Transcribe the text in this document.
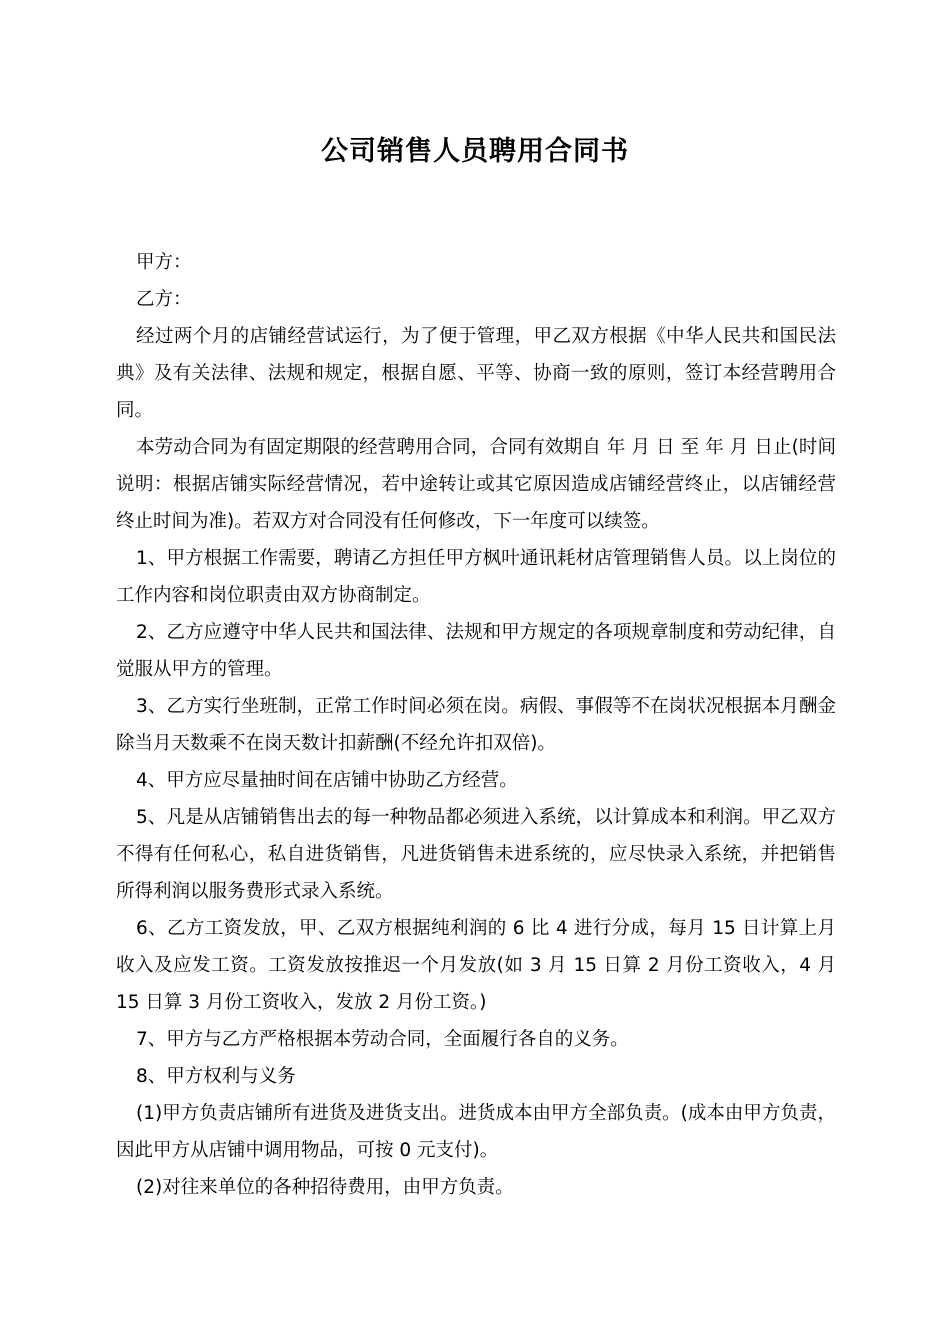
公司销售人员聘用合同书

甲方：

乙方：

经过两个月的店铺经营试运行，为了便于管理，甲乙双方根据《中华人民共和国民法典》及有关法律、法规和规定，根据自愿、平等、协商一致的原则，签订本经营聘用合同。

本劳动合同为有固定期限的经营聘用合同，合同有效期自 年 月 日 至 年 月 日止(时间说明：根据店铺实际经营情况，若中途转让或其它原因造成店铺经营终止，以店铺经营终止时间为准)。若双方对合同没有任何修改，下一年度可以续签。

1、甲方根据工作需要，聘请乙方担任甲方枫叶通讯耗材店管理销售人员。以上岗位的工作内容和岗位职责由双方协商制定。

2、乙方应遵守中华人民共和国法律、法规和甲方规定的各项规章制度和劳动纪律，自觉服从甲方的管理。

3、乙方实行坐班制，正常工作时间必须在岗。病假、事假等不在岗状况根据本月酬金除当月天数乘不在岗天数计扣薪酬(不经允许扣双倍)。

4、甲方应尽量抽时间在店铺中协助乙方经营。

5、凡是从店铺销售出去的每一种物品都必须进入系统，以计算成本和利润。甲乙双方不得有任何私心，私自进货销售，凡进货销售未进系统的，应尽快录入系统，并把销售所得利润以服务费形式录入系统。

6、乙方工资发放，甲、乙双方根据纯利润的 6 比 4 进行分成，每月 15 日计算上月收入及应发工资。工资发放按推迟一个月发放(如 3 月 15 日算 2 月份工资收入，4 月 15 日算 3 月份工资收入，发放 2 月份工资。)

7、甲方与乙方严格根据本劳动合同，全面履行各自的义务。

8、甲方权利与义务

(1)甲方负责店铺所有进货及进货支出。进货成本由甲方全部负责。(成本由甲方负责，因此甲方从店铺中调用物品，可按 0 元支付)。

(2)对往来单位的各种招待费用，由甲方负责。
